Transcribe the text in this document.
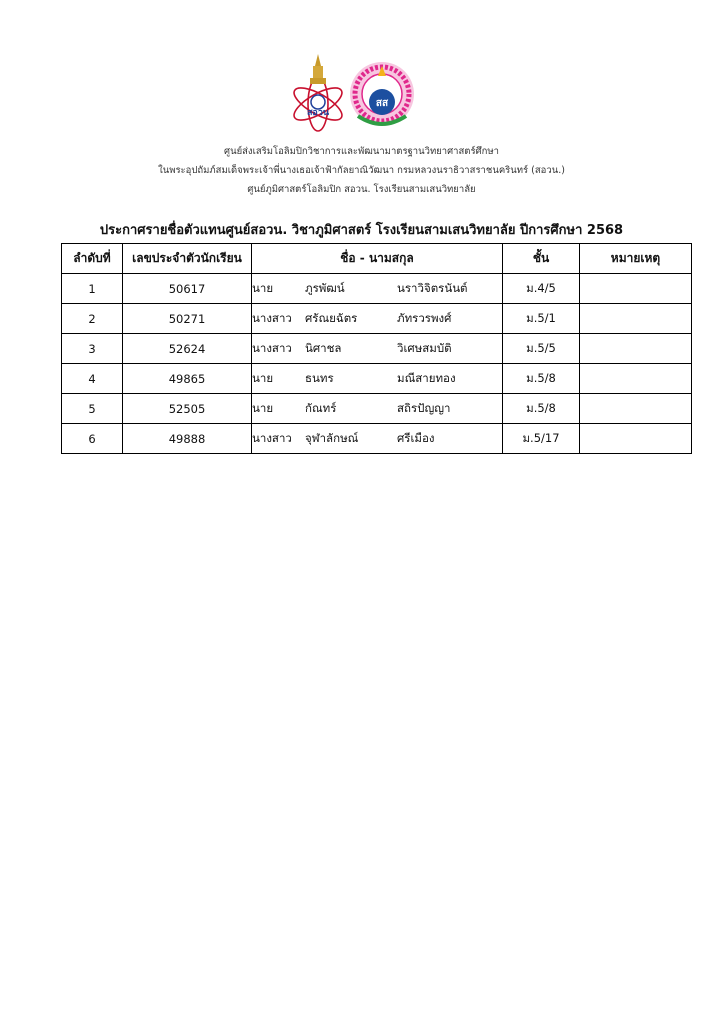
สอวน
สส
ศูนย์ส่งเสริมโอลิมปิกวิชาการและพัฒนามาตรฐานวิทยาศาสตร์ศึกษา
ในพระอุปถัมภ์สมเด็จพระเจ้าพี่นางเธอเจ้าฟ้ากัลยาณิวัฒนา กรมหลวงนราธิวาสราชนครินทร์ (สอวน.)
ศูนย์ภูมิศาสตร์โอลิมปิก สอวน. โรงเรียนสามเสนวิทยาลัย
ประกาศรายชื่อตัวแทนศูนย์สอวน. วิชาภูมิศาสตร์ โรงเรียนสามเสนวิทยาลัย ปีการศึกษา 2568
ลำดับที่	เลขประจำตัวนักเรียน	ชื่อ - นามสกุล	ชั้น	หมายเหตุ
1	50617	นาย ภูรพัฒน์ นราวิจิตรนันต์	ม.4/5	
2	50271	นางสาว ศรัณยฉัตร ภัทรวรพงศ์	ม.5/1	
3	52624	นางสาว นิศาชล วิเศษสมบัติ	ม.5/5	
4	49865	นาย ธนทร มณีสายทอง	ม.5/8	
5	52505	นาย กัณทร์ สถิรปัญญา	ม.5/8	
6	49888	นางสาว จุฬาลักษณ์ ศรีเมือง	ม.5/17	
